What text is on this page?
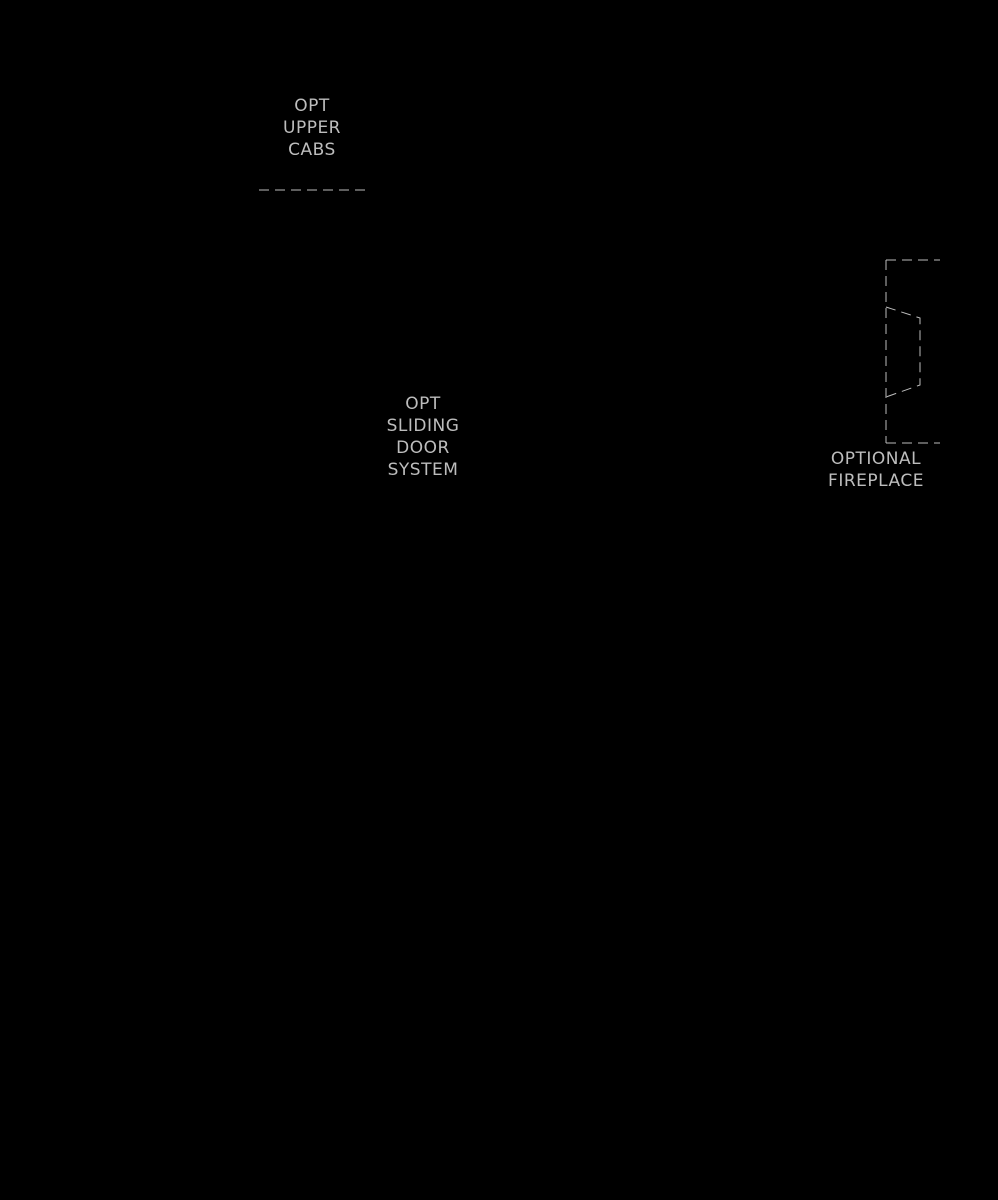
OPT
UPPER
CABS
OPT
SLIDING
DOOR
SYSTEM
OPTIONAL
FIREPLACE
